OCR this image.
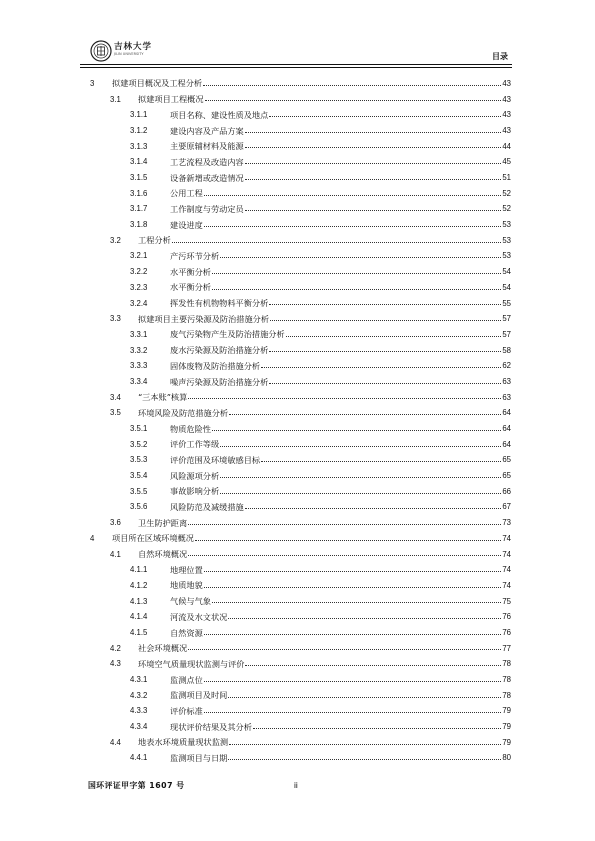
吉林大学
JILIN UNIVERSITY	目录
3	拟建项目概况及工程分析	43
3.1	拟建项目工程概况	43
3.1.1	项目名称、建设性质及地点	43
3.1.2	建设内容及产品方案	43
3.1.3	主要原辅材料及能源	44
3.1.4	工艺流程及改造内容	45
3.1.5	设备新增或改造情况	51
3.1.6	公用工程	52
3.1.7	工作制度与劳动定员	52
3.1.8	建设进度	53
3.2	工程分析	53
3.2.1	产污环节分析	53
3.2.2	水平衡分析	54
3.2.3	水平衡分析	54
3.2.4	挥发性有机物物料平衡分析	55
3.3	拟建项目主要污染源及防治措施分析	57
3.3.1	废气污染物产生及防治措施分析	57
3.3.2	废水污染源及防治措施分析	58
3.3.3	固体废物及防治措施分析	62
3.3.4	噪声污染源及防治措施分析	63
3.4	“三本账”核算	63
3.5	环境风险及防范措施分析	64
3.5.1	物质危险性	64
3.5.2	评价工作等级	64
3.5.3	评价范围及环境敏感目标	65
3.5.4	风险源项分析	65
3.5.5	事故影响分析	66
3.5.6	风险防范及减缓措施	67
3.6	卫生防护距离	73
4	项目所在区域环境概况	74
4.1	自然环境概况	74
4.1.1	地理位置	74
4.1.2	地质地貌	74
4.1.3	气候与气象	75
4.1.4	河流及水文状况	76
4.1.5	自然资源	76
4.2	社会环境概况	77
4.3	环境空气质量现状监测与评价	78
4.3.1	监测点位	78
4.3.2	监测项目及时间	78
4.3.3	评价标准	79
4.3.4	现状评价结果及其分析	79
4.4	地表水环境质量现状监测	79
4.4.1	监测项目与日期	80
国环评证甲字第 1607 号	ii
